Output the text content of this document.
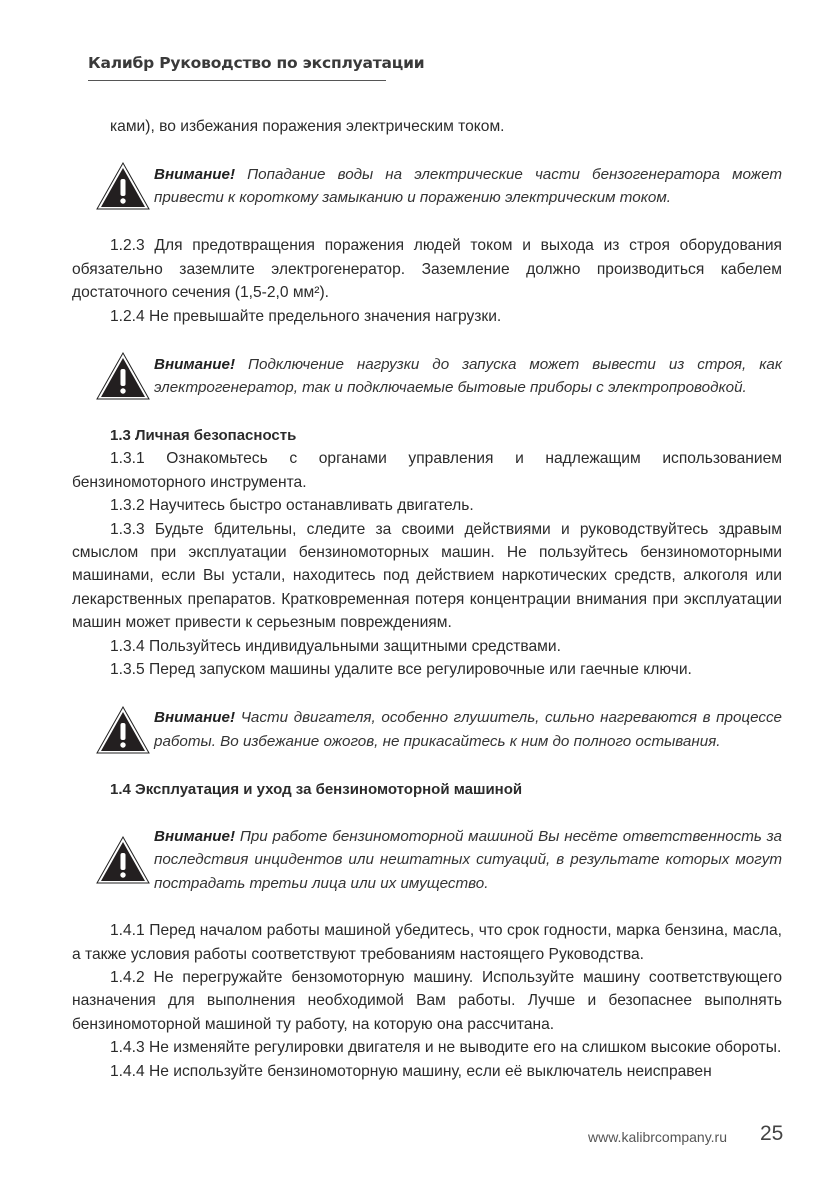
Калибр Руководство по эксплуатации

ками), во избежания поражения электрическим током.

Внимание! Попадание воды на электрические части бензогенератора может привести к короткому замыканию и поражению электрическим током.

1.2.3 Для предотвращения поражения людей током и выхода из строя оборудования обязательно заземлите электрогенератор. Заземление должно производиться кабелем достаточного сечения (1,5-2,0 мм²).

1.2.4 Не превышайте предельного значения нагрузки.

Внимание! Подключение нагрузки до запуска может вывести из строя, как электрогенератор, так и подключаемые бытовые приборы с электропроводкой.

1.3 Личная безопасность

1.3.1 Ознакомьтесь с органами управления и надлежащим использованием бензиномоторного инструмента.

1.3.2 Научитесь быстро останавливать двигатель.

1.3.3 Будьте бдительны, следите за своими действиями и руководствуйтесь здравым смыслом при эксплуатации бензиномоторных машин. Не пользуйтесь бензиномоторными машинами, если Вы устали, находитесь под действием наркотических средств, алкоголя или лекарственных препаратов. Кратковременная потеря концентрации внимания при эксплуатации машин может привести к серьезным повреждениям.

1.3.4 Пользуйтесь индивидуальными защитными средствами.

1.3.5 Перед запуском машины удалите все регулировочные или гаечные ключи.

Внимание! Части двигателя, особенно глушитель, сильно нагреваются в процессе работы. Во избежание ожогов, не прикасайтесь к ним до полного остывания.

1.4 Эксплуатация и уход за бензиномоторной машиной

Внимание! При работе бензиномоторной машиной Вы несёте ответственность за последствия инцидентов или нештатных ситуаций, в результате которых могут пострадать третьи лица или их имущество.

1.4.1 Перед началом работы машиной убедитесь, что срок годности, марка бензина, масла, а также условия работы соответствуют требованиям настоящего Руководства.

1.4.2 Не перегружайте бензомоторную машину. Используйте машину соответствующего назначения для выполнения необходимой Вам работы. Лучше и безопаснее выполнять бензиномоторной машиной ту работу, на которую она рассчитана.

1.4.3 Не изменяйте регулировки двигателя и не выводите его на слишком высокие обороты.

1.4.4 Не используйте бензиномоторную машину, если её выключатель неисправен

www.kalibrcompany.ru 25
